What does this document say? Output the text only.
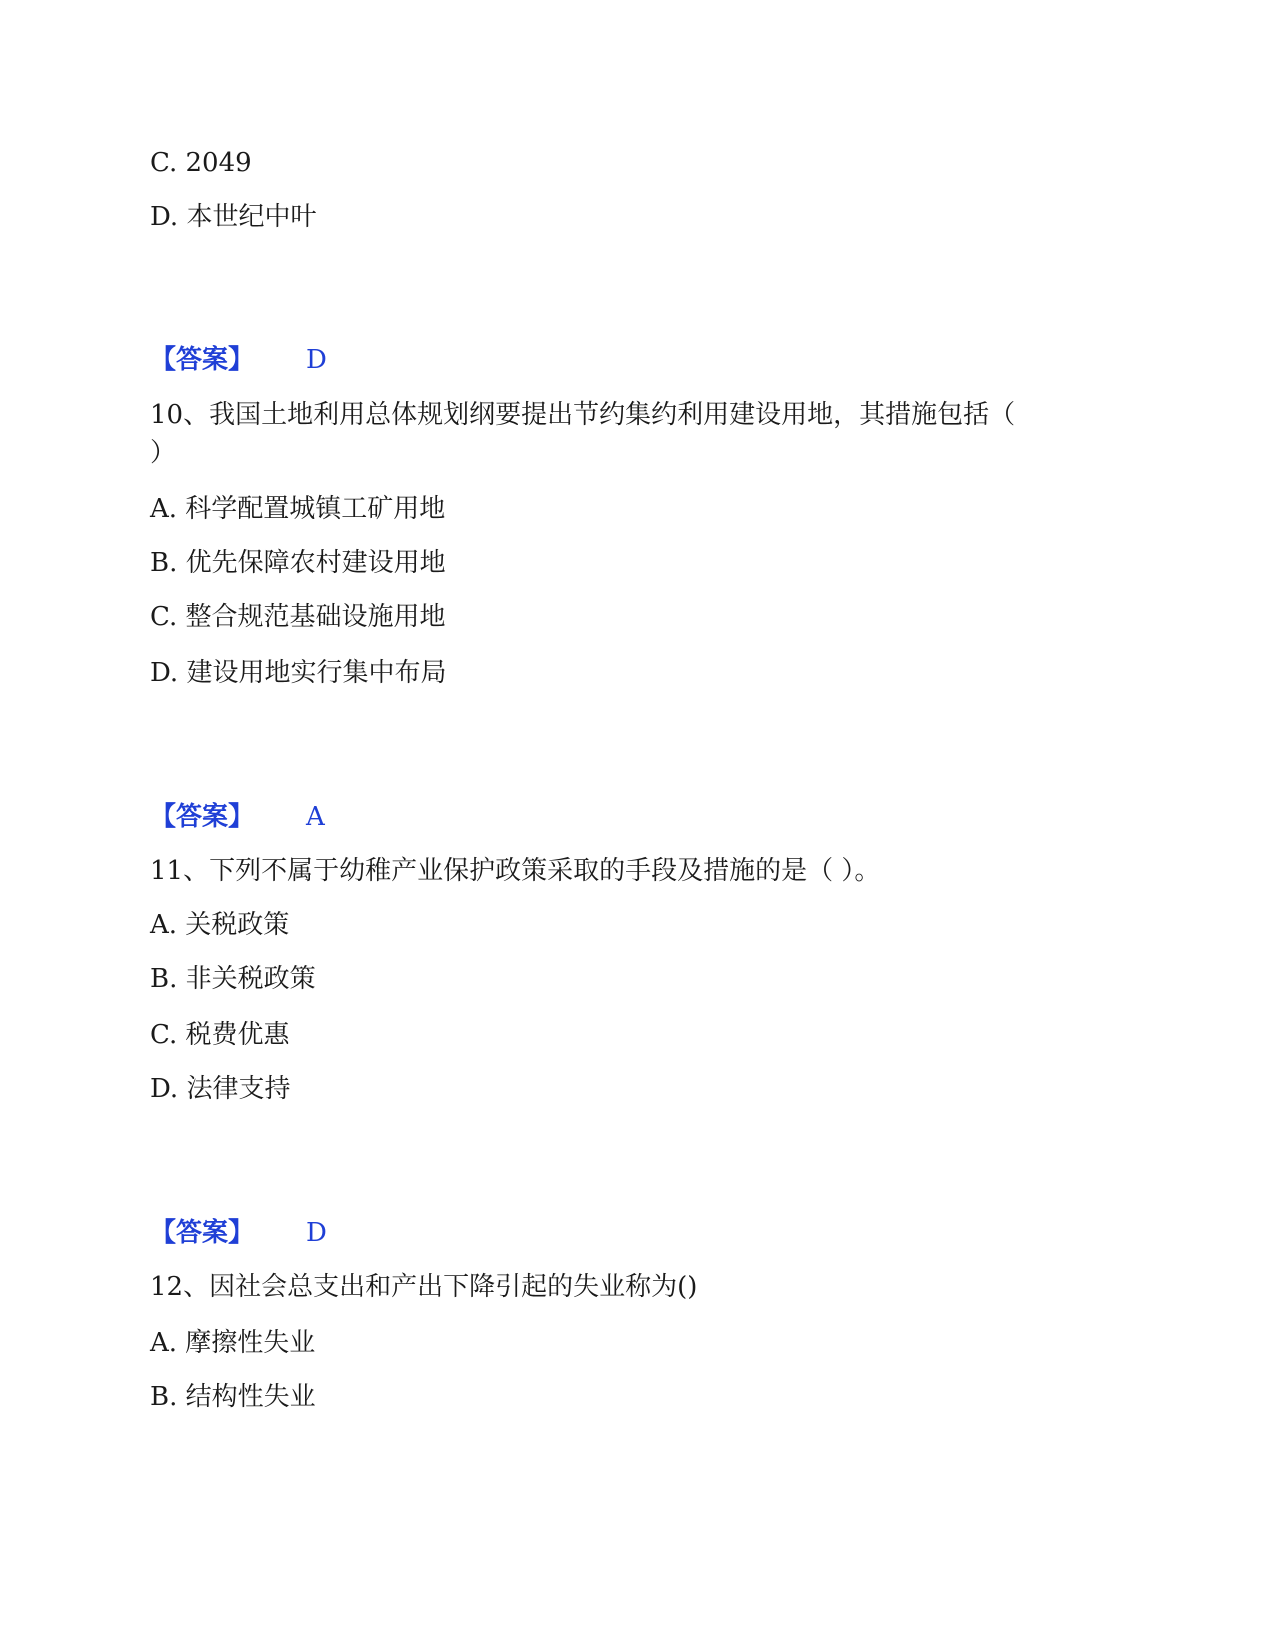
C. 2049
D. 本世纪中叶
【答案】 D
10、我国土地利用总体规划纲要提出节约集约利用建设用地，其措施包括（
）
A. 科学配置城镇工矿用地
B. 优先保障农村建设用地
C. 整合规范基础设施用地
D. 建设用地实行集中布局
【答案】 A
11、下列不属于幼稚产业保护政策采取的手段及措施的是（ ）。
A. 关税政策
B. 非关税政策
C. 税费优惠
D. 法律支持
【答案】 D
12、因社会总支出和产出下降引起的失业称为()
A. 摩擦性失业
B. 结构性失业
